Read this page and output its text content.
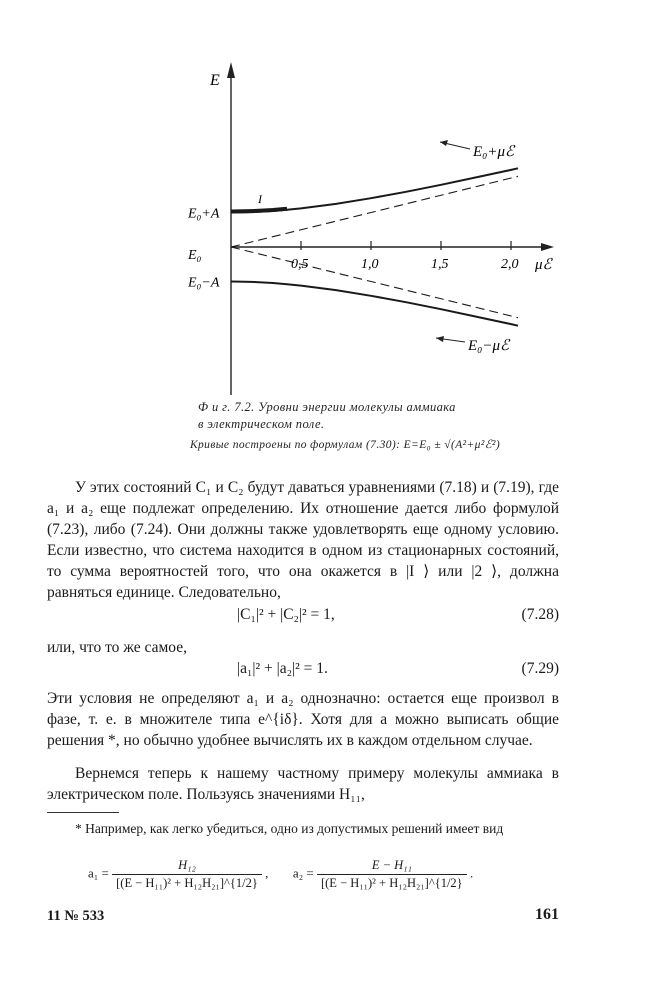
0,5	1,0	1,5	2,0
E₀+A
E₀
E₀−A
E
μℰ
I
E₀+μℰ
E₀−μℰ
Ф и г. 7.2. Уровни энергии молекулы аммиака
в электрическом поле.
Кривые построены по формулам (7.30): E=E₀ ± √(A²+μ²ℰ²)

У этих состояний C₁ и C₂ будут даваться уравнениями (7.18) и (7.19), где a₁ и a₂ еще подлежат определению. Их отношение дается либо формулой (7.23), либо (7.24). Они должны также удовлетворять еще одному условию. Если известно, что система находится в одном из стационарных состояний, то сумма вероятностей того, что она окажется в |I ⟩ или |2 ⟩, должна равняться единице. Следовательно,

|C₁|² + |C₂|² = 1,	(7.28)

или, что то же самое,

|a₁|² + |a₂|² = 1.	(7.29)

Эти условия не определяют a₁ и a₂ однозначно: остается еще произвол в фазе, т. е. в множителе типа e^{iδ}. Хотя для a можно выписать общие решения *, но обычно удобнее вычислять их в каждом отдельном случае.

Вернемся теперь к нашему частному примеру молекулы аммиака в электрическом поле. Пользуясь значениями H₁₁,

* Например, как легко убедиться, одно из допустимых решений имеет вид
$a_1 = \frac{\text{H₁₂}}{\text{[(E − H₁₁)² + H₁₂H₂₁]\textasciicircum{}\{1/2\}}}$ , $a_2 = \frac{\text{E − H₁₁}}{\text{[(E − H₁₁)² + H₁₂H₂₁]\textasciicircum{}\{1/2\}}}$ .
11 № 533	161
